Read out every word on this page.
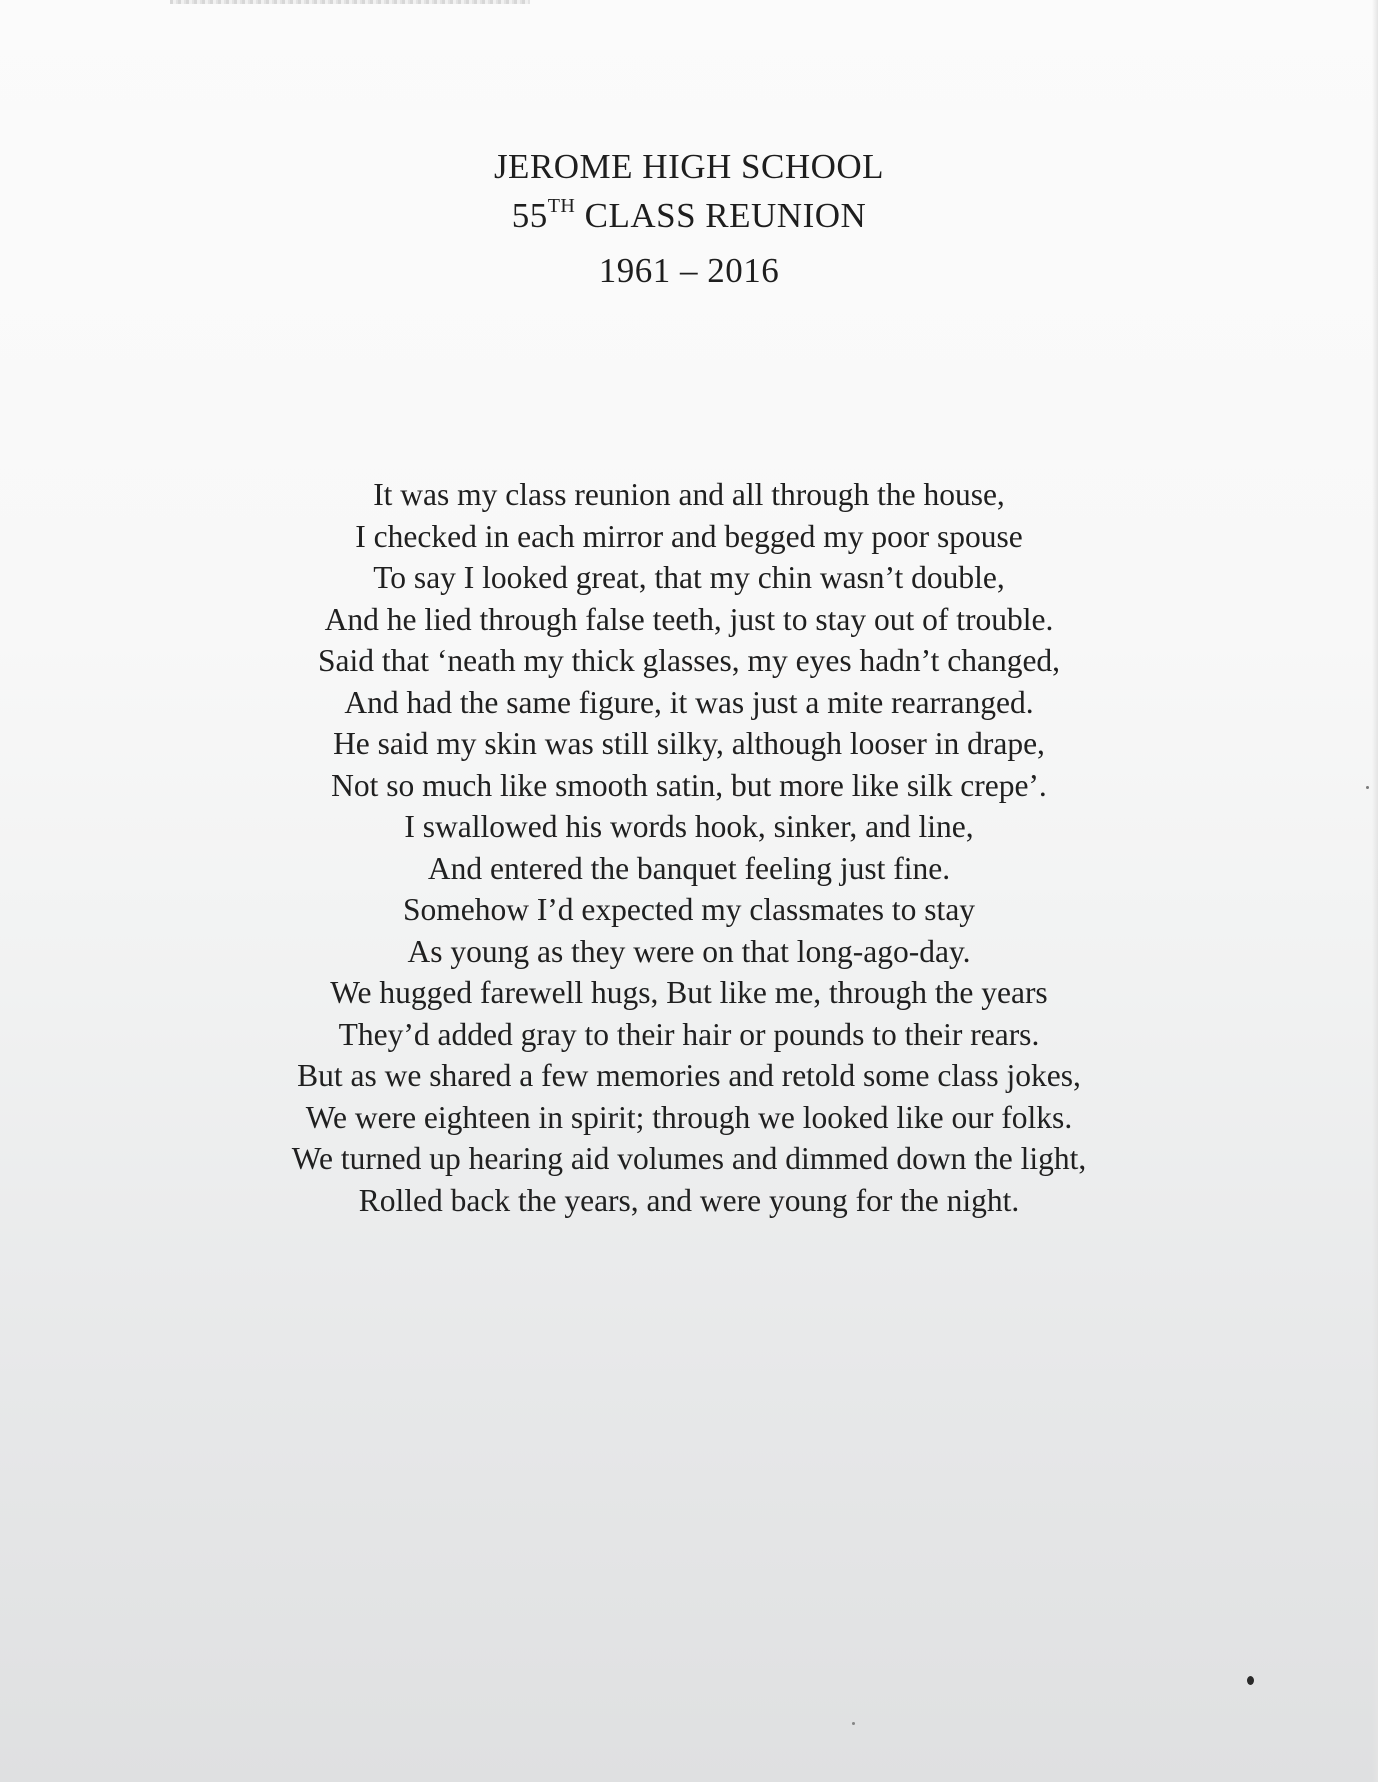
JEROME HIGH SCHOOL
55TH CLASS REUNION
1961 – 2016
It was my class reunion and all through the house,
I checked in each mirror and begged my poor spouse
To say I looked great, that my chin wasn’t double,
And he lied through false teeth, just to stay out of trouble.
Said that ‘neath my thick glasses, my eyes hadn’t changed,
And had the same figure, it was just a mite rearranged.
He said my skin was still silky, although looser in drape,
Not so much like smooth satin, but more like silk crepe’.
I swallowed his words hook, sinker, and line,
And entered the banquet feeling just fine.
Somehow I’d expected my classmates to stay
As young as they were on that long-ago-day.
We hugged farewell hugs, But like me, through the years
They’d added gray to their hair or pounds to their rears.
But as we shared a few memories and retold some class jokes,
We were eighteen in spirit; through we looked like our folks.
We turned up hearing aid volumes and dimmed down the light,
Rolled back the years, and were young for the night.
